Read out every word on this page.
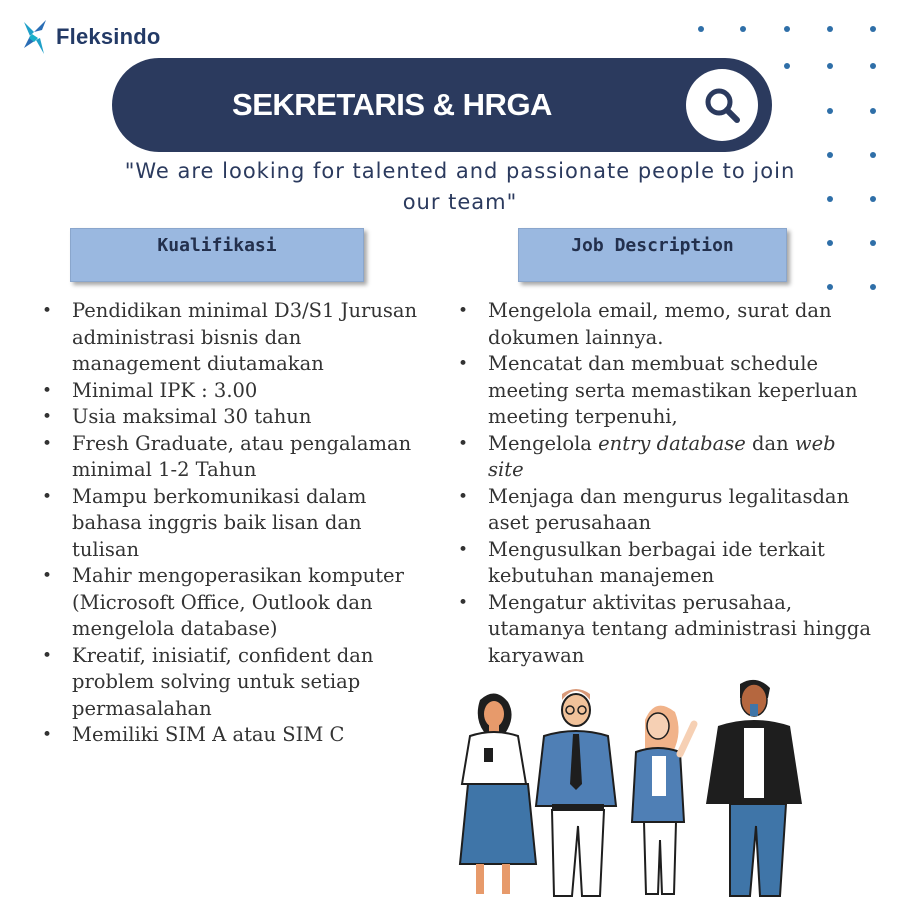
Fleksindo
SEKRETARIS & HRGA
"We are looking for talented and passionate people to join our team"
Kualifikasi	Job Description
• Pendidikan minimal D3/S1 Jurusan administrasi bisnis dan management diutamakan
• Minimal IPK : 3.00
• Usia maksimal 30 tahun
• Fresh Graduate, atau pengalaman minimal 1-2 Tahun
• Mampu berkomunikasi dalam bahasa inggris baik lisan dan tulisan
• Mahir mengoperasikan komputer (Microsoft Office, Outlook dan mengelola database)
• Kreatif, inisiatif, confident dan problem solving untuk setiap permasalahan
• Memiliki SIM A atau SIM C
• Mengelola email, memo, surat dan dokumen lainnya.
• Mencatat dan membuat schedule meeting serta memastikan keperluan meeting terpenuhi,
• Mengelola entry database dan web site
• Menjaga dan mengurus legalitasdan aset perusahaan
• Mengusulkan berbagai ide terkait kebutuhan manajemen
• Mengatur aktivitas perusahaa, utamanya tentang administrasi hingga karyawan
